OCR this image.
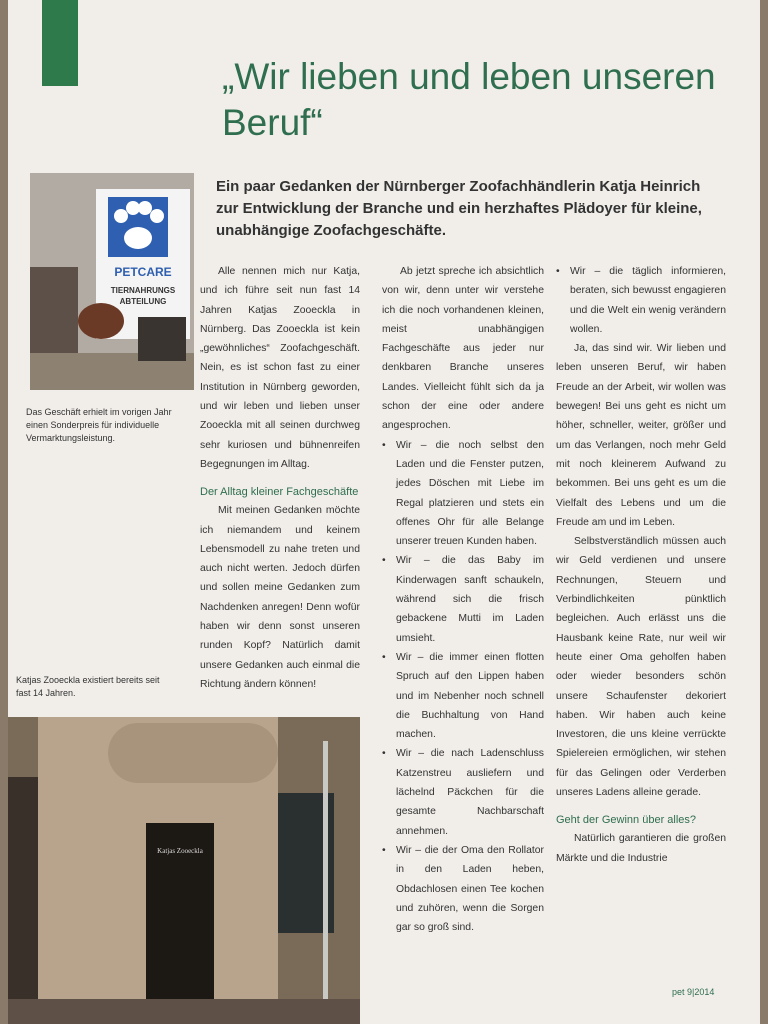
„Wir lieben und leben unseren Beruf“
Ein paar Gedanken der Nürnberger Zoofachhändlerin Katja Heinrich zur Entwicklung der Branche und ein herzhaftes Plädoyer für kleine, unabhängige Zoofachgeschäfte.
PETCARE
TIERNAHRUNGS ABTEILUNG
Das Geschäft erhielt im vorigen Jahr einen Sonderpreis für individuelle Vermarktungsleistung.
Katjas Zooeckla existiert bereits seit fast 14 Jahren.

Alle nennen mich nur Katja, und ich führe seit nun fast 14 Jahren Katjas Zooeckla in Nürnberg. Das Zooeckla ist kein „gewöhnliches“ Zoofachgeschäft. Nein, es ist schon fast zu einer Institution in Nürnberg geworden, und wir leben und lieben unser Zooeckla mit all seinen durchweg sehr kuriosen und bühnenreifen Begegnungen im Alltag.

Der Alltag kleiner Fachgeschäfte

Mit meinen Gedanken möchte ich niemandem und keinem Lebensmodell zu nahe treten und auch nicht werten. Jedoch dürfen und sollen meine Gedanken zum Nachdenken anregen! Denn wofür haben wir denn sonst unseren runden Kopf? Natürlich damit unsere Gedanken auch einmal die Richtung ändern können!

Ab jetzt spreche ich absichtlich von wir, denn unter wir verstehe ich die noch vorhandenen kleinen, meist unabhängigen Fachgeschäfte aus jeder nur denkbaren Branche unseres Landes. Vielleicht fühlt sich da ja schon der eine oder andere angesprochen.

• Wir – die noch selbst den Laden und die Fenster putzen, jedes Döschen mit Liebe im Regal platzieren und stets ein offenes Ohr für alle Belange unserer treuen Kunden haben.

• Wir – die das Baby im Kinderwagen sanft schaukeln, während sich die frisch gebackene Mutti im Laden umsieht.

• Wir – die immer einen flotten Spruch auf den Lippen haben und im Nebenher noch schnell die Buchhaltung von Hand machen.

• Wir – die nach Ladenschluss Katzenstreu ausliefern und lächelnd Päckchen für die gesamte Nachbarschaft annehmen.

• Wir – die der Oma den Rollator in den Laden heben, Obdachlosen einen Tee kochen und zuhören, wenn die Sorgen gar so groß sind.

• Wir – die täglich informieren, beraten, sich bewusst engagieren und die Welt ein wenig verändern wollen.

Ja, das sind wir. Wir lieben und leben unseren Beruf, wir haben Freude an der Arbeit, wir wollen was bewegen! Bei uns geht es nicht um höher, schneller, weiter, größer und um das Verlangen, noch mehr Geld mit noch kleinerem Aufwand zu bekommen. Bei uns geht es um die Vielfalt des Lebens und um die Freude am und im Leben.

Selbstverständlich müssen auch wir Geld verdienen und unsere Rechnungen, Steuern und Verbindlichkeiten pünktlich begleichen. Auch erlässt uns die Hausbank keine Rate, nur weil wir heute einer Oma geholfen haben oder wieder besonders schön unsere Schaufenster dekoriert haben. Wir haben auch keine Investoren, die uns kleine verrückte Spielereien ermöglichen, wir stehen für das Gelingen oder Verderben unseres Ladens alleine gerade.

Geht der Gewinn über alles?

Natürlich garantieren die großen Märkte und die Industrie

Katjas Zooeckla
pet 9|2014
